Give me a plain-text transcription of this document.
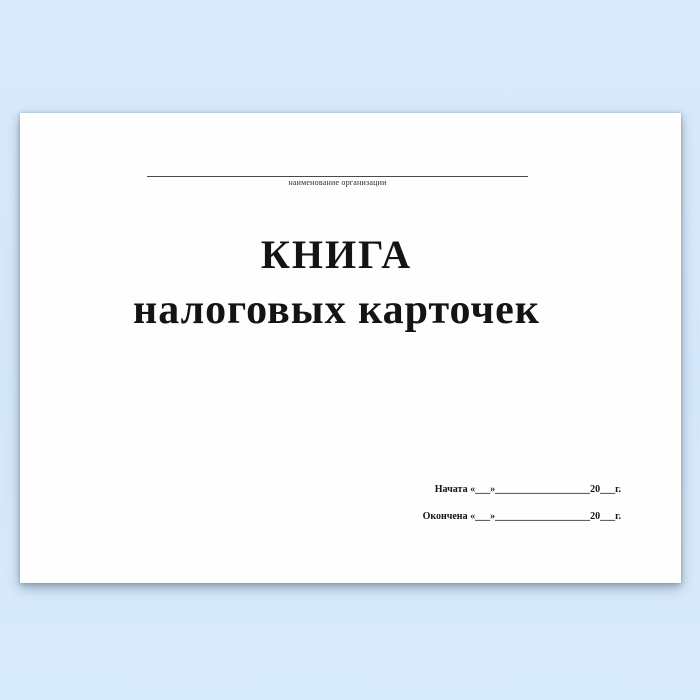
наименование организации
КНИГА
налоговых карточек
Начата «___»___________________20___г.
Окончена «___»___________________20___г.
